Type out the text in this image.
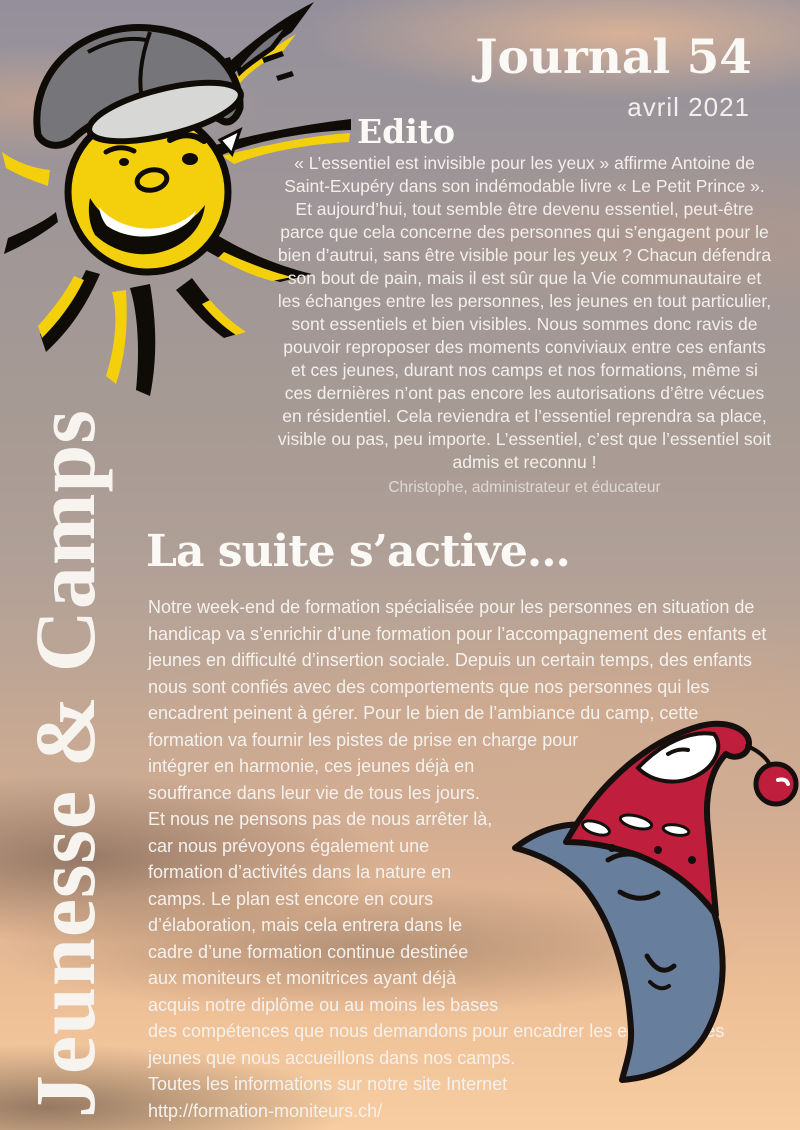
Jeunesse & Camps
Journal 54
avril 2021
Edito
« L’essentiel est invisible pour les yeux » affirme Antoine de Saint-Exupéry dans son indémodable livre « Le Petit Prince ». Et aujourd’hui, tout semble être devenu essentiel, peut-être parce que cela concerne des personnes qui s’engagent pour le bien d’autrui, sans être visible pour les yeux ? Chacun défendra son bout de pain, mais il est sûr que la Vie communautaire et les échanges entre les personnes, les jeunes en tout particulier, sont essentiels et bien visibles. Nous sommes donc ravis de pouvoir reproposer des moments conviviaux entre ces enfants et ces jeunes, durant nos camps et nos formations, même si ces dernières n’ont pas encore les autorisations d’être vécues en résidentiel. Cela reviendra et l’essentiel reprendra sa place, visible ou pas, peu importe. L’essentiel, c’est que l’essentiel soit admis et reconnu !
Christophe, administrateur et éducateur
La suite s’active...

Notre week-end de formation spécialisée pour les personnes en situation de handicap va s’enrichir d’une formation pour l’accompagnement des enfants et jeunes en difficulté d’insertion sociale. Depuis un certain temps, des enfants nous sont confiés avec des comportements que nos personnes qui les encadrent peinent à gérer. Pour le bien de l’ambiance du camp, cette formation va fournir les pistes de prise en charge pour intégrer en harmonie, ces jeunes déjà en souffrance dans leur vie de tous les jours.

Et nous ne pensons pas de nous arrêter là, car nous prévoyons également une formation d’activités dans la nature en camps. Le plan est encore en cours d’élaboration, mais cela entrera dans le cadre d’une formation continue destinée aux moniteurs et monitrices ayant déjà acquis notre diplôme ou au moins les bases des compétences que nous demandons pour encadrer les enfants et les jeunes que nous accueillons dans nos camps.

Toutes les informations sur notre site Internet
http://formation-moniteurs.ch/
